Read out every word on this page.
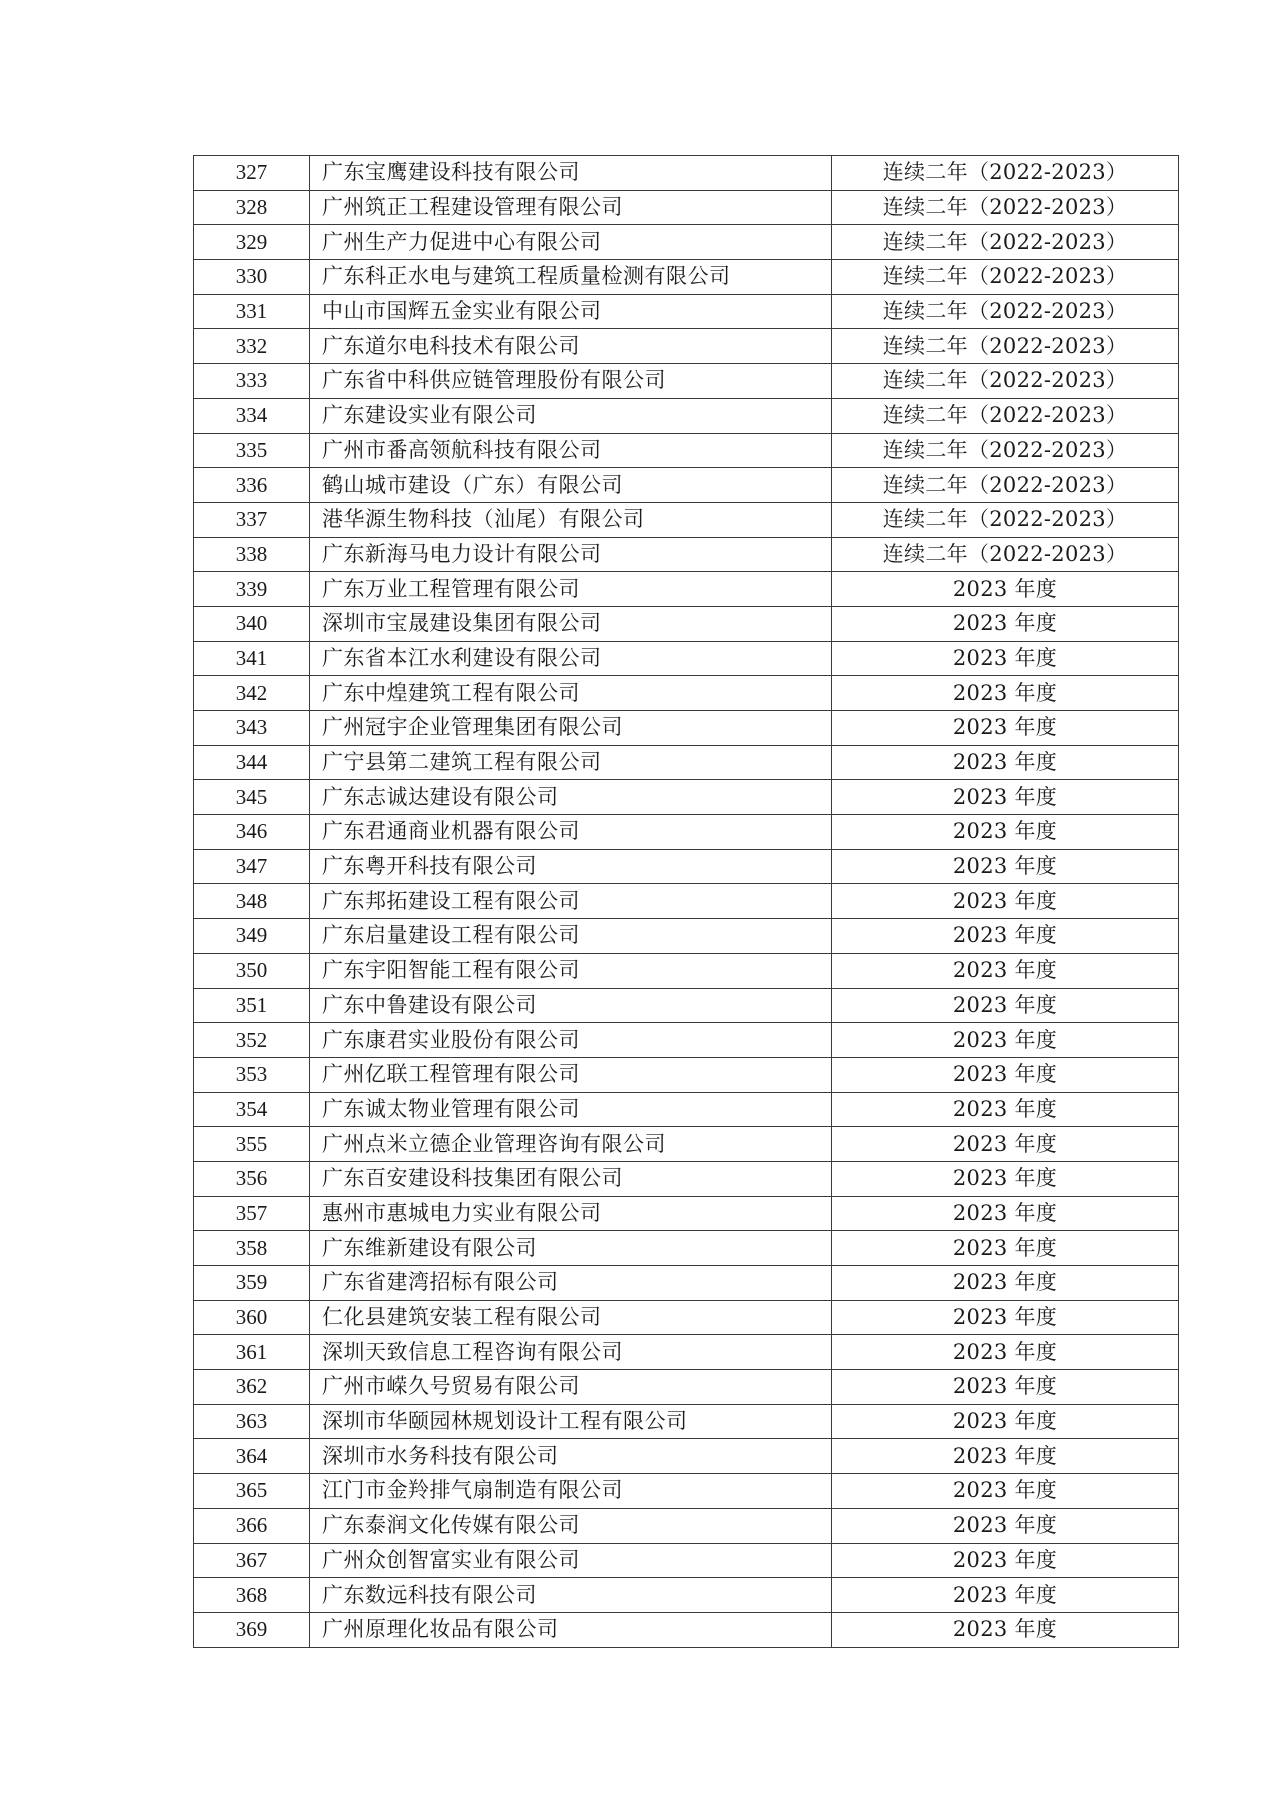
327	广东宝鹰建设科技有限公司	连续二年（2022-2023）
328	广州筑正工程建设管理有限公司	连续二年（2022-2023）
329	广州生产力促进中心有限公司	连续二年（2022-2023）
330	广东科正水电与建筑工程质量检测有限公司	连续二年（2022-2023）
331	中山市国辉五金实业有限公司	连续二年（2022-2023）
332	广东道尔电科技术有限公司	连续二年（2022-2023）
333	广东省中科供应链管理股份有限公司	连续二年（2022-2023）
334	广东建设实业有限公司	连续二年（2022-2023）
335	广州市番高领航科技有限公司	连续二年（2022-2023）
336	鹤山城市建设（广东）有限公司	连续二年（2022-2023）
337	港华源生物科技（汕尾）有限公司	连续二年（2022-2023）
338	广东新海马电力设计有限公司	连续二年（2022-2023）
339	广东万业工程管理有限公司	2023 年度
340	深圳市宝晟建设集团有限公司	2023 年度
341	广东省本江水利建设有限公司	2023 年度
342	广东中煌建筑工程有限公司	2023 年度
343	广州冠宇企业管理集团有限公司	2023 年度
344	广宁县第二建筑工程有限公司	2023 年度
345	广东志诚达建设有限公司	2023 年度
346	广东君通商业机器有限公司	2023 年度
347	广东粤开科技有限公司	2023 年度
348	广东邦拓建设工程有限公司	2023 年度
349	广东启量建设工程有限公司	2023 年度
350	广东宇阳智能工程有限公司	2023 年度
351	广东中鲁建设有限公司	2023 年度
352	广东康君实业股份有限公司	2023 年度
353	广州亿联工程管理有限公司	2023 年度
354	广东诚太物业管理有限公司	2023 年度
355	广州点米立德企业管理咨询有限公司	2023 年度
356	广东百安建设科技集团有限公司	2023 年度
357	惠州市惠城电力实业有限公司	2023 年度
358	广东维新建设有限公司	2023 年度
359	广东省建湾招标有限公司	2023 年度
360	仁化县建筑安装工程有限公司	2023 年度
361	深圳天致信息工程咨询有限公司	2023 年度
362	广州市嵘久号贸易有限公司	2023 年度
363	深圳市华颐园林规划设计工程有限公司	2023 年度
364	深圳市水务科技有限公司	2023 年度
365	江门市金羚排气扇制造有限公司	2023 年度
366	广东泰润文化传媒有限公司	2023 年度
367	广州众创智富实业有限公司	2023 年度
368	广东数远科技有限公司	2023 年度
369	广州原理化妆品有限公司	2023 年度
